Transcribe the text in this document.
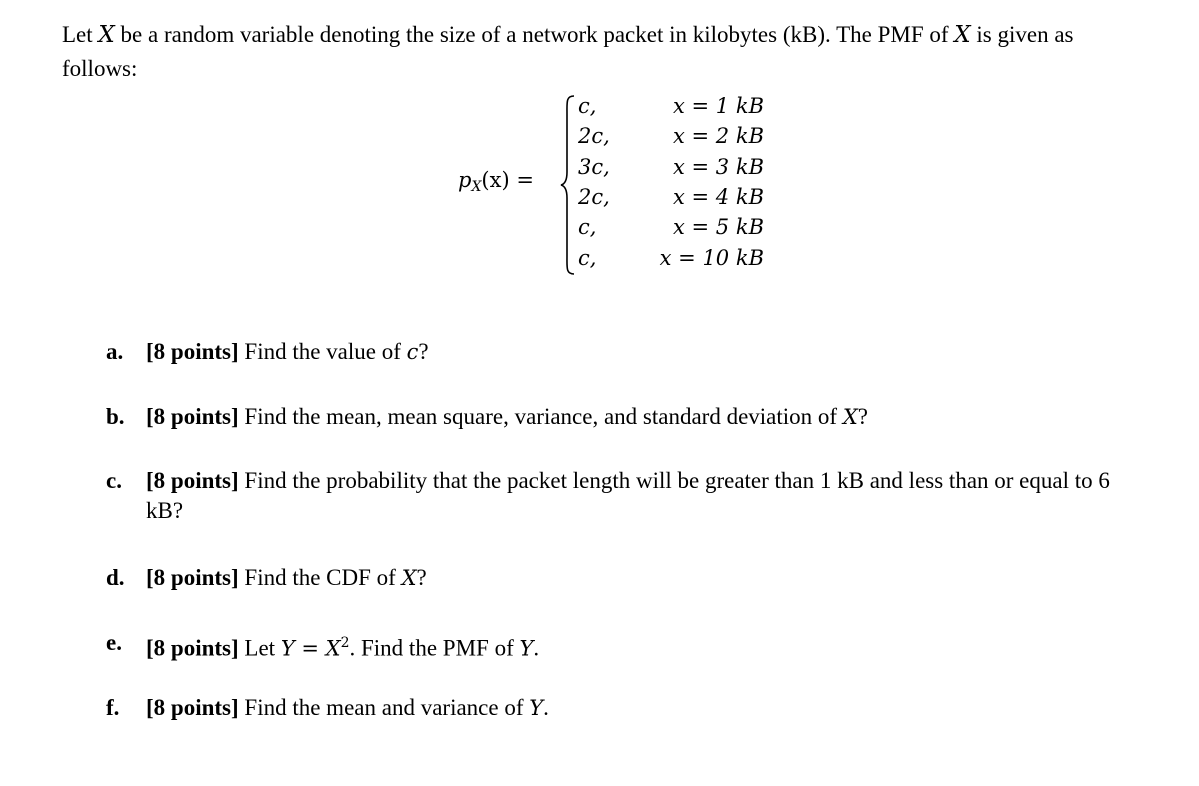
Let X be a random variable denoting the size of a network packet in kilobytes (kB). The PMF of X is given as follows:
$p_X(x)$ =
c,	x = 1 kB
2c,	x = 2 kB
3c,	x = 3 kB
2c,	x = 4 kB
c,	x = 5 kB
c,	x = 10 kB
a. [8 points] Find the value of c?
b. [8 points] Find the mean, mean square, variance, and standard deviation of X?
c. [8 points] Find the probability that the packet length will be greater than 1 kB and less than or equal to 6 kB?
d. [8 points] Find the CDF of X?
e. [8 points] Let $Y = X^2$. Find the PMF of Y.
f. [8 points] Find the mean and variance of Y.
